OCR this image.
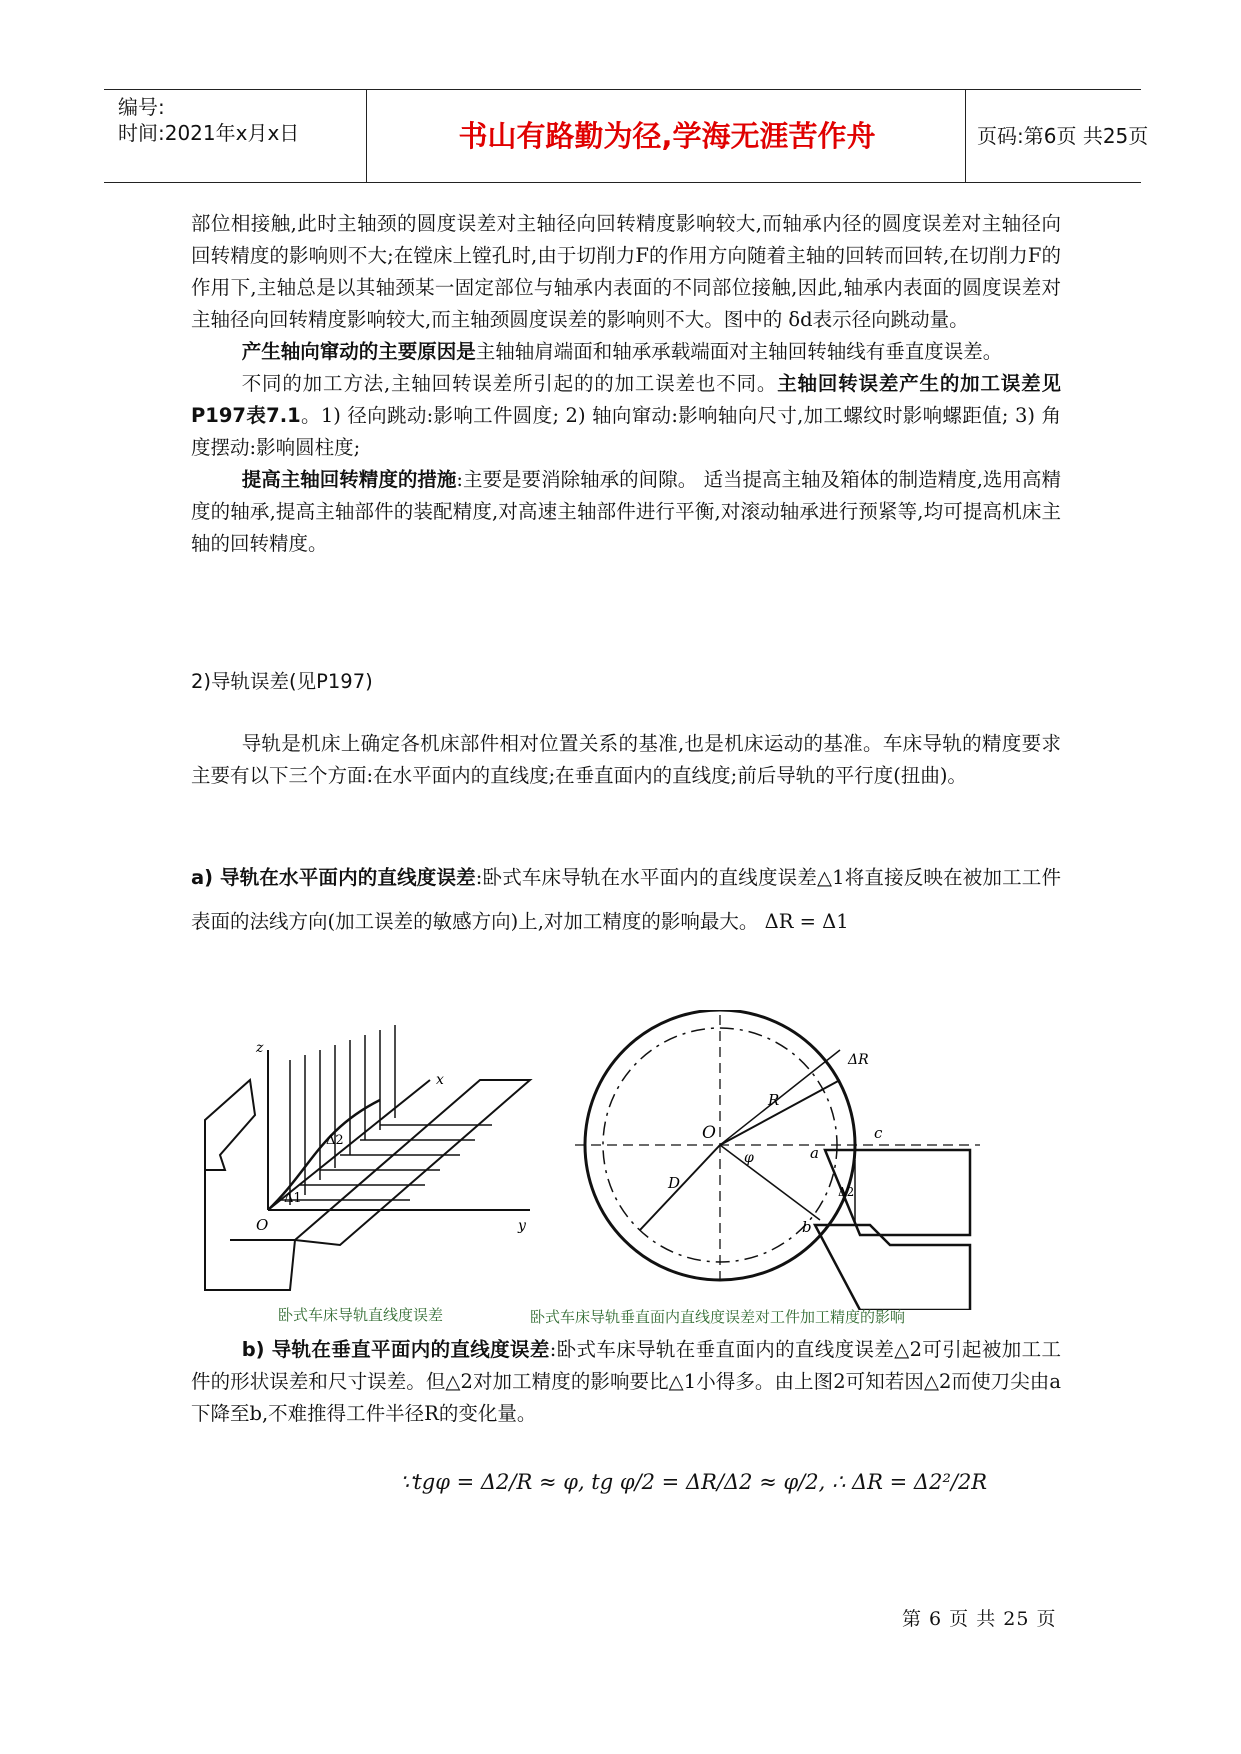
编号:
时间:2021年x月x日	书山有路勤为径,学海无涯苦作舟	页码:第6页 共25页

部位相接触,此时主轴颈的圆度误差对主轴径向回转精度影响较大,而轴承内径的圆度误差对主轴径向回转精度的影响则不大;在镗床上镗孔时,由于切削力F的作用方向随着主轴的回转而回转,在切削力F的作用下,主轴总是以其轴颈某一固定部位与轴承内表面的不同部位接触,因此,轴承内表面的圆度误差对主轴径向回转精度影响较大,而主轴颈圆度误差的影响则不大。图中的 δd表示径向跳动量。

产生轴向窜动的主要原因是主轴轴肩端面和轴承承载端面对主轴回转轴线有垂直度误差。

不同的加工方法,主轴回转误差所引起的的加工误差也不同。主轴回转误差产生的加工误差见P197表7.1。1) 径向跳动:影响工件圆度; 2) 轴向窜动:影响轴向尺寸,加工螺纹时影响螺距值; 3) 角度摆动:影响圆柱度;

提高主轴回转精度的措施:主要是要消除轴承的间隙。 适当提高主轴及箱体的制造精度,选用高精度的轴承,提高主轴部件的装配精度,对高速主轴部件进行平衡,对滚动轴承进行预紧等,均可提高机床主轴的回转精度。

2)导轨误差(见P197)

导轨是机床上确定各机床部件相对位置关系的基准,也是机床运动的基准。车床导轨的精度要求主要有以下三个方面:在水平面内的直线度;在垂直面内的直线度;前后导轨的平行度(扭曲)。

a) 导轨在水平面内的直线度误差:卧式车床导轨在水平面内的直线度误差△1将直接反映在被加工工件表面的法线方向(加工误差的敏感方向)上,对加工精度的影响最大。 ΔR = Δ1

z
x
y
O
Δ1
Δ2
卧式车床导轨直线度误差
O
R
ΔR
D
φ	a
b
c
Δ2
卧式车床导轨垂直面内直线度误差对工件加工精度的影响

b) 导轨在垂直平面内的直线度误差:卧式车床导轨在垂直面内的直线度误差△2可引起被加工工件的形状误差和尺寸误差。但△2对加工精度的影响要比△1小得多。由上图2可知若因△2而使刀尖由a下降至b,不难推得工件半径R的变化量。

∵tgφ = Δ2/R ≈ φ, tg φ/2 = ΔR/Δ2 ≈ φ/2, ∴ ΔR = Δ2²/2R
第 6 页 共 25 页
